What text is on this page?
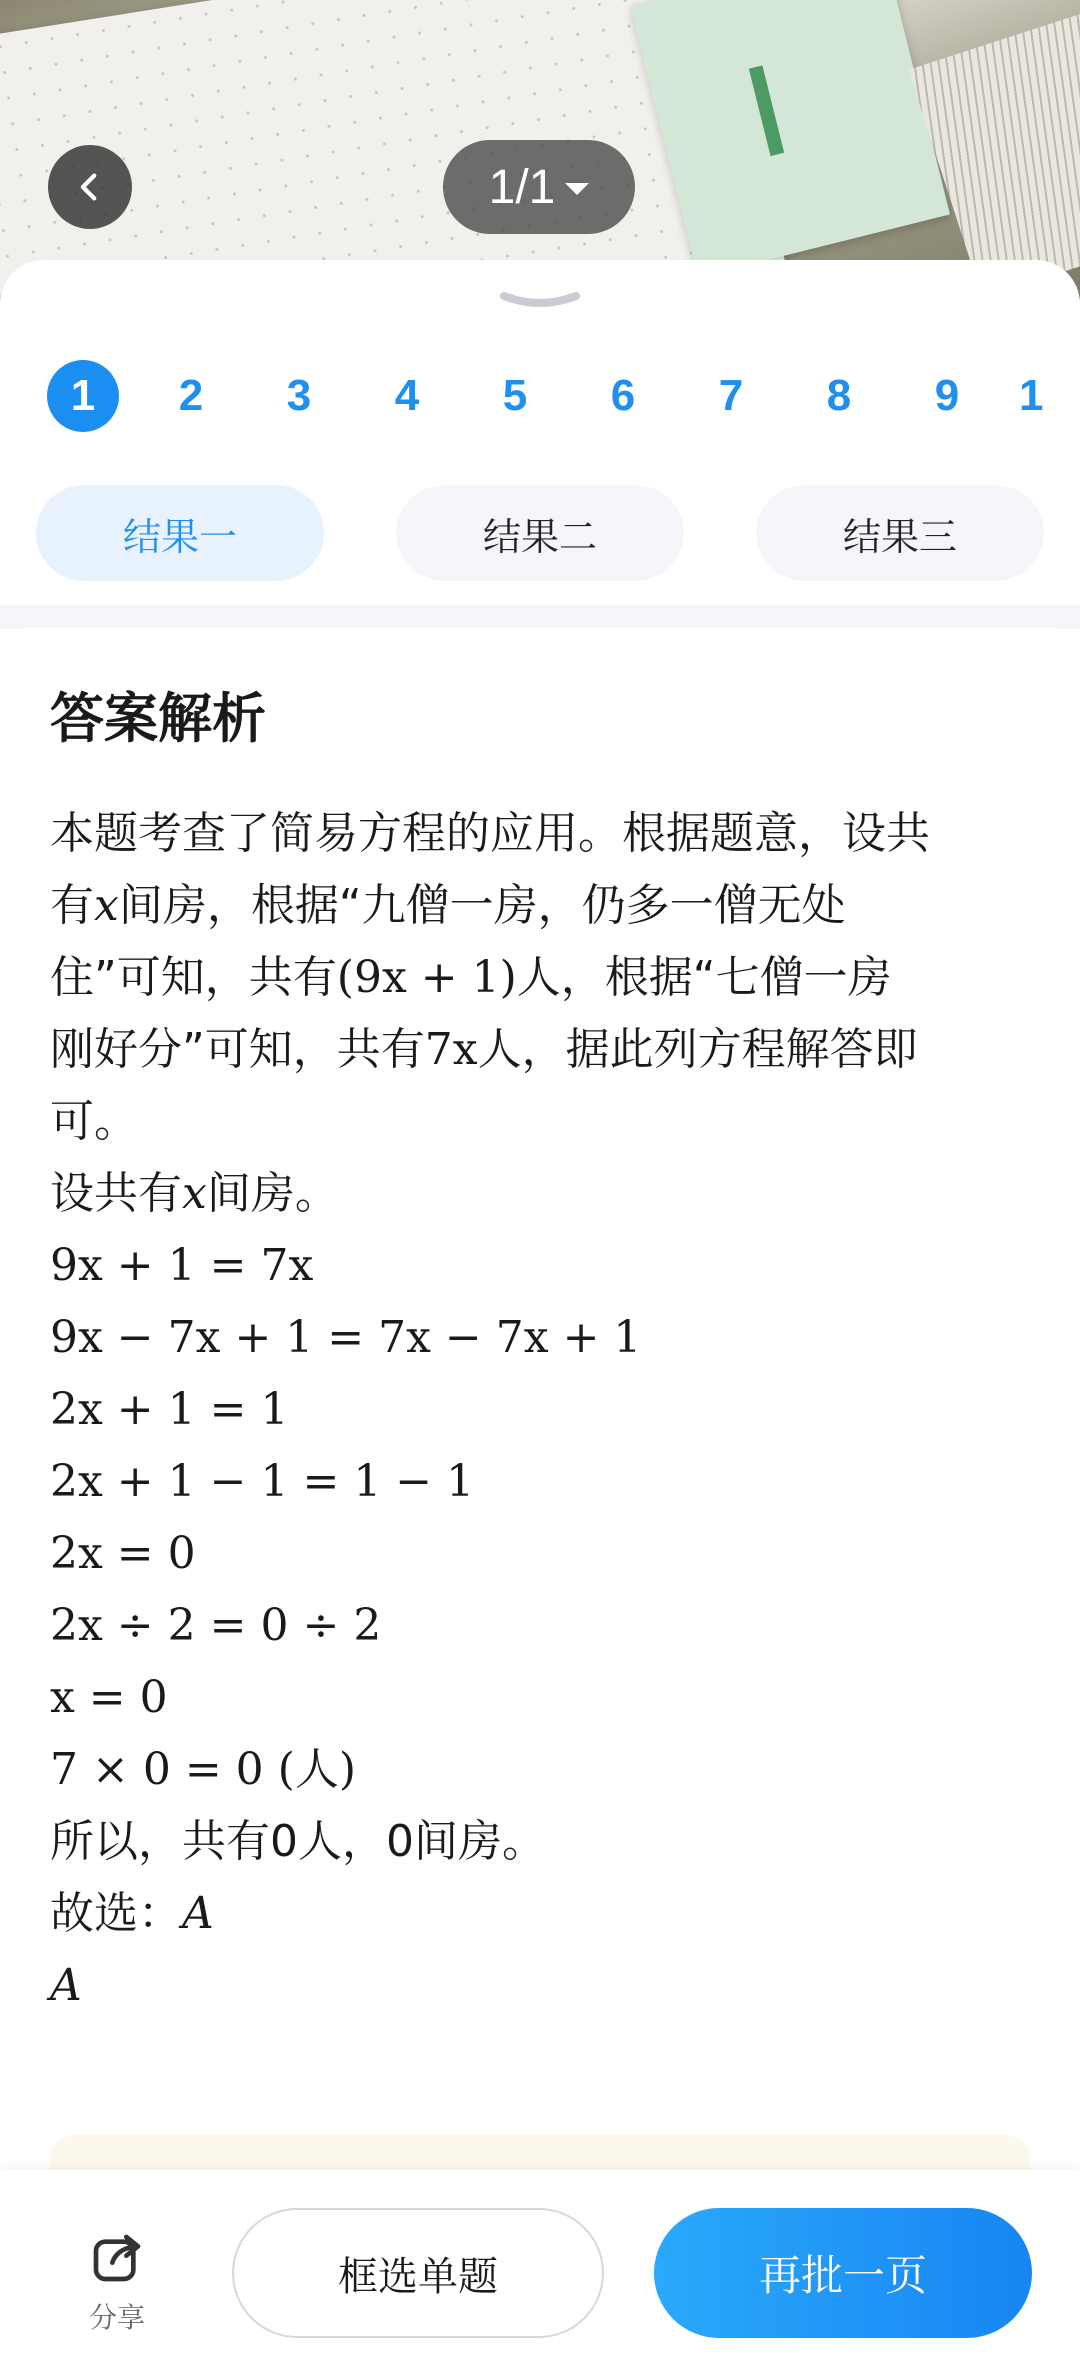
1/1
1	2	3	4	5	6	7	8	9	1
结果一	结果二	结果三
答案解析

本题考查了简易方程的应用。根据题意，设共

有x间房，根据“九僧一房，仍多一僧无处

住”可知，共有(9x + 1)人，根据“七僧一房

刚好分”可知，共有7x人，据此列方程解答即

可。

设共有x间房。

9x + 1 = 7x

9x − 7x + 1 = 7x − 7x + 1

2x + 1 = 1

2x + 1 − 1 = 1 − 1

2x = 0

2x ÷ 2 = 0 ÷ 2

x = 0

7 × 0 = 0 (人)

所以，共有0人，0间房。

故选：A

A

分享
框选单题	再批一页
